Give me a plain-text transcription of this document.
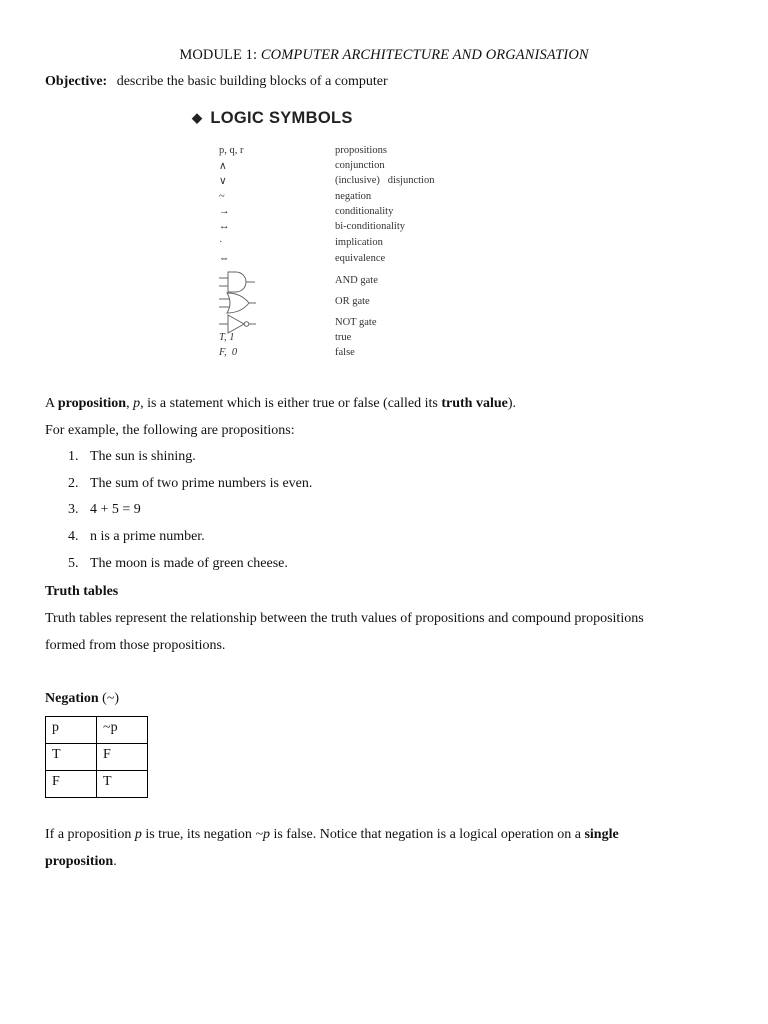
MODULE 1: COMPUTER ARCHITECTURE AND ORGANISATION
Objective: describe the basic building blocks of a computer
◆ LOGIC SYMBOLS
p, q, r	propositions
∧	conjunction
∨	(inclusive)   disjunction
~	negation
→	conditionality
↔	bi-conditionality
·	implication
⇔	equivalence
AND gate
OR gate
NOT gate
T, 1	true
F,  0	false
A proposition, p, is a statement which is either true or false (called its truth value).
For example, the following are propositions:
1. The sun is shining.
2. The sum of two prime numbers is even.
3. 4 + 5 = 9
4. n is a prime number.
5. The moon is made of green cheese.
Truth tables
Truth tables represent the relationship between the truth values of propositions and compound propositions
formed from those propositions.
Negation (~)
p	~p
T	F
F	T
If a proposition p is true, its negation ~p is false. Notice that negation is a logical operation on a single
proposition.
